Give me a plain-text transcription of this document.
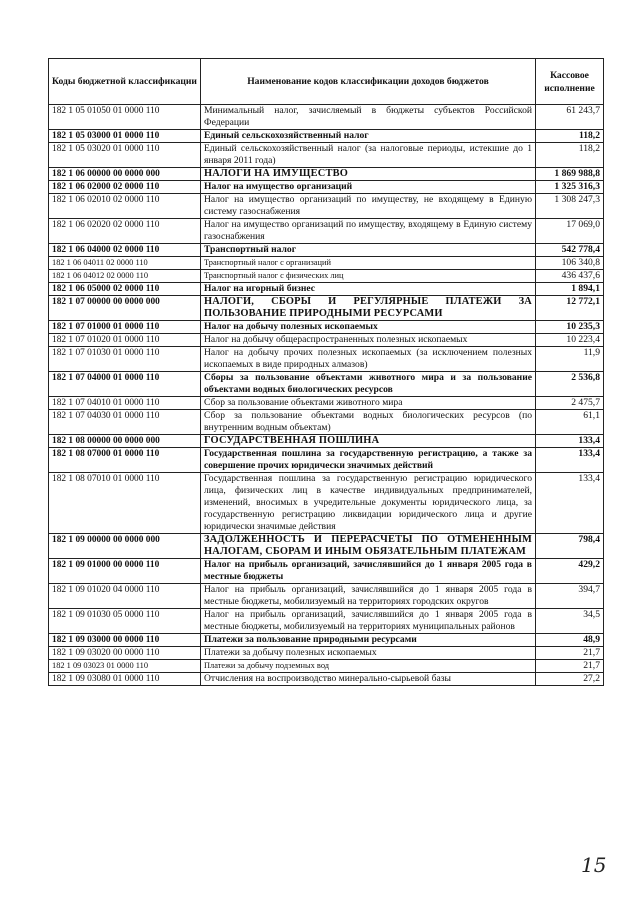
Коды бюджетной классификации	Наименование кодов классификации доходов бюджетов	Кассовое исполнение
182 1 05 01050 01 0000 110	Минимальный налог, зачисляемый в бюджеты субъектов Российской Федерации	61 243,7
182 1 05 03000 01 0000 110	Единый сельскохозяйственный налог	118,2
182 1 05 03020 01 0000 110	Единый сельскохозяйственный налог (за налоговые периоды, истекшие до 1 января 2011 года)	118,2
182 1 06 00000 00 0000 000	НАЛОГИ НА ИМУЩЕСТВО	1 869 988,8
182 1 06 02000 02 0000 110	Налог на имущество организаций	1 325 316,3
182 1 06 02010 02 0000 110	Налог на имущество организаций по имуществу, не входящему в Единую систему газоснабжения	1 308 247,3
182 1 06 02020 02 0000 110	Налог на имущество организаций по имуществу, входящему в Единую систему газоснабжения	17 069,0
182 1 06 04000 02 0000 110	Транспортный налог	542 778,4
182 1 06 04011 02 0000 110	Транспортный налог с организаций	106 340,8
182 1 06 04012 02 0000 110	Транспортный налог с физических лиц	436 437,6
182 1 06 05000 02 0000 110	Налог на игорный бизнес	1 894,1
182 1 07 00000 00 0000 000	НАЛОГИ, СБОРЫ И РЕГУЛЯРНЫЕ ПЛАТЕЖИ ЗА ПОЛЬЗОВАНИЕ ПРИРОДНЫМИ РЕСУРСАМИ	12 772,1
182 1 07 01000 01 0000 110	Налог на добычу полезных ископаемых	10 235,3
182 1 07 01020 01 0000 110	Налог на добычу общераспространенных полезных ископаемых	10 223,4
182 1 07 01030 01 0000 110	Налог на добычу прочих полезных ископаемых (за исключением полезных ископаемых в виде природных алмазов)	11,9
182 1 07 04000 01 0000 110	Сборы за пользование объектами животного мира и за пользование объектами водных биологических ресурсов	2 536,8
182 1 07 04010 01 0000 110	Сбор за пользование объектами животного мира	2 475,7
182 1 07 04030 01 0000 110	Сбор за пользование объектами водных биологических ресурсов (по внутренним водным объектам)	61,1
182 1 08 00000 00 0000 000	ГОСУДАРСТВЕННАЯ ПОШЛИНА	133,4
182 1 08 07000 01 0000 110	Государственная пошлина за государственную регистрацию, а также за совершение прочих юридически значимых действий	133,4
182 1 08 07010 01 0000 110	Государственная пошлина за государственную регистрацию юридического лица, физических лиц в качестве индивидуальных предпринимателей, изменений, вносимых в учредительные документы юридического лица, за государственную регистрацию ликвидации юридического лица и другие юридически значимые действия	133,4
182 1 09 00000 00 0000 000	ЗАДОЛЖЕННОСТЬ И ПЕРЕРАСЧЕТЫ ПО ОТМЕНЕННЫМ НАЛОГАМ, СБОРАМ И ИНЫМ ОБЯЗАТЕЛЬНЫМ ПЛАТЕЖАМ	798,4
182 1 09 01000 00 0000 110	Налог на прибыль организаций, зачислявшийся до 1 января 2005 года в местные бюджеты	429,2
182 1 09 01020 04 0000 110	Налог на прибыль организаций, зачислявшийся до 1 января 2005 года в местные бюджеты, мобилизуемый на территориях городских округов	394,7
182 1 09 01030 05 0000 110	Налог на прибыль организаций, зачислявшийся до 1 января 2005 года в местные бюджеты, мобилизуемый на территориях муниципальных районов	34,5
182 1 09 03000 00 0000 110	Платежи за пользование природными ресурсами	48,9
182 1 09 03020 00 0000 110	Платежи за добычу полезных ископаемых	21,7
182 1 09 03023 01 0000 110	Платежи за добычу подземных вод	21,7
182 1 09 03080 01 0000 110	Отчисления на воспроизводство минерально-сырьевой базы	27,2
15
